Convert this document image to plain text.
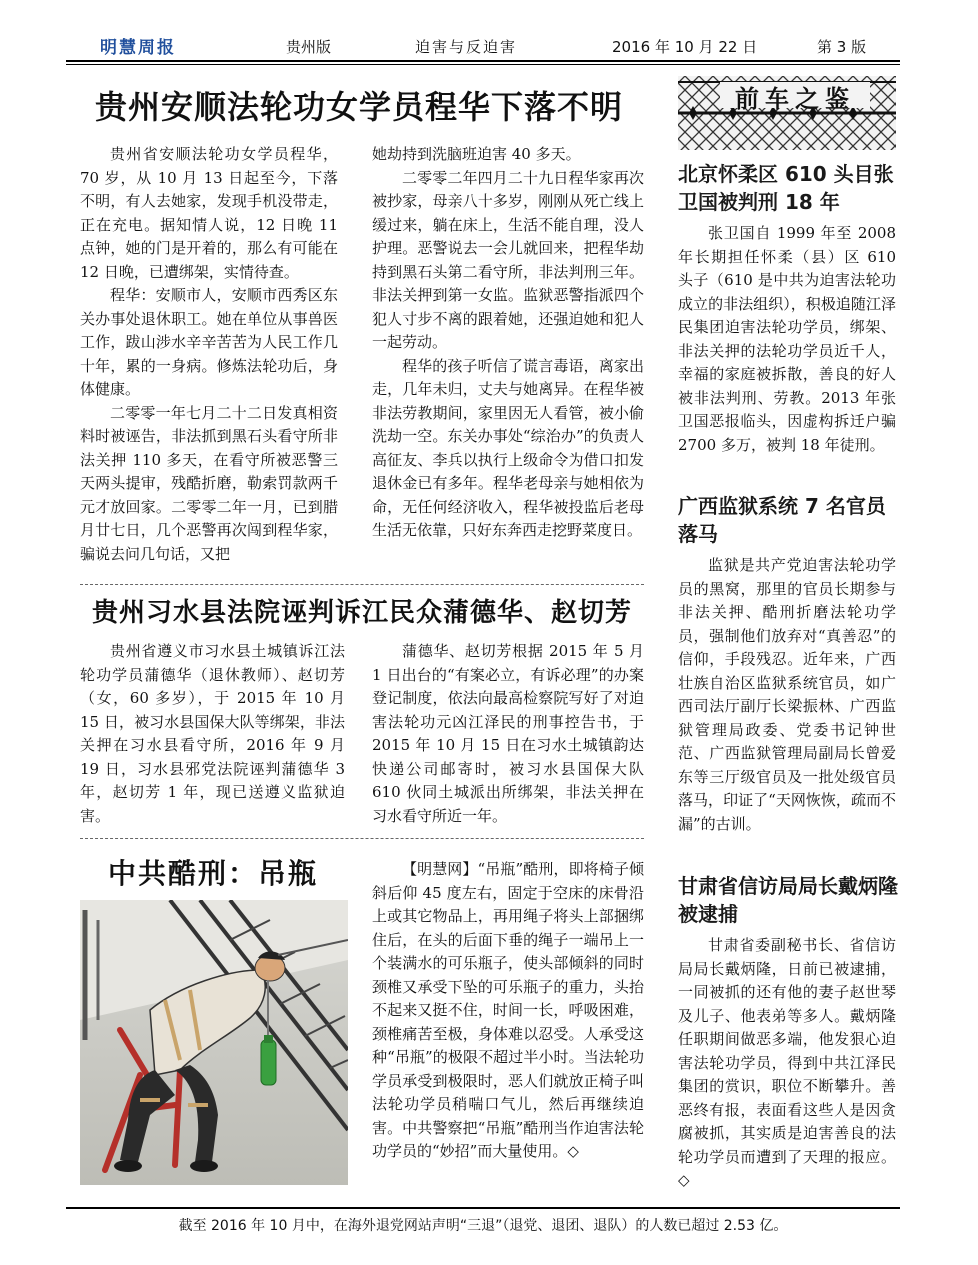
明慧周报	贵州版	迫害与反迫害	2016 年 10 月 22 日	第 3 版
贵州安顺法轮功女学员程华下落不明

贵州省安顺法轮功女学员程华，70 岁，从 10 月 13 日起至今，下落不明，有人去她家，发现手机没带走，正在充电。据知情人说，12 日晚 11 点钟，她的门是开着的，那么有可能在 12 日晚，已遭绑架，实情待查。

程华：安顺市人，安顺市西秀区东关办事处退休职工。她在单位从事兽医工作，跋山涉水辛辛苦苦为人民工作几十年，累的一身病。修炼法轮功后，身体健康。

二零零一年七月二十二日发真相资料时被诬告，非法抓到黑石头看守所非法关押 110 多天，在看守所被恶警三天两头提审，残酷折磨，勒索罚款两千元才放回家。二零零二年一月，已到腊月廿七日，几个恶警再次闯到程华家，骗说去问几句话，又把

她劫持到洗脑班迫害 40 多天。

二零零二年四月二十九日程华家再次被抄家，母亲八十多岁，刚刚从死亡线上缓过来，躺在床上，生活不能自理，没人护理。恶警说去一会儿就回来，把程华劫持到黑石头第二看守所，非法判刑三年。非法关押到第一女监。监狱恶警指派四个犯人寸步不离的跟着她，还强迫她和犯人一起劳动。

程华的孩子听信了谎言毒语，离家出走，几年未归，丈夫与她离异。在程华被非法劳教期间，家里因无人看管，被小偷洗劫一空。东关办事处“综治办”的负责人高征友、李兵以执行上级命令为借口扣发退休金已有多年。程华老母亲与她相依为命，无任何经济收入，程华被投监后老母生活无依靠，只好东奔西走挖野菜度日。

贵州习水县法院诬判诉江民众蒲德华、赵切芳

贵州省遵义市习水县土城镇诉江法轮功学员蒲德华（退休教师）、赵切芳（女，60 多岁），于 2015 年 10 月 15 日，被习水县国保大队等绑架，非法关押在习水县看守所，2016 年 9 月 19 日，习水县邪党法院诬判蒲德华 3 年，赵切芳 1 年，现已送遵义监狱迫害。

蒲德华、赵切芳根据 2015 年 5 月 1 日出台的“有案必立，有诉必理”的办案登记制度，依法向最高检察院写好了对迫害法轮功元凶江泽民的刑事控告书，于 2015 年 10 月 15 日在习水土城镇韵达快递公司邮寄时，被习水县国保大队 610 伙同土城派出所绑架，非法关押在习水看守所近一年。

中共酷刑：吊瓶	【明慧网】“吊瓶”酷刑，即将椅子倾斜后仰 45 度左右，固定于空床的床骨沿上或其它物品上，再用绳子将头上部捆绑住后，在头的后面下垂的绳子一端吊上一个装满水的可乐瓶子，使头部倾斜的同时颈椎又承受下坠的可乐瓶子的重力，头抬不起来又挺不住，时间一长，呼吸困难，颈椎痛苦至极，身体难以忍受。人承受这种“吊瓶”的极限不超过半小时。当法轮功学员承受到极限时，恶人们就放正椅子叫法轮功学员稍喘口气儿，然后再继续迫害。中共警察把“吊瓶”酷刑当作迫害法轮功学员的“妙招”而大量使用。◇

前车之鉴
北京怀柔区 610 头目张卫国被判刑 18 年

张卫国自 1999 年至 2008 年长期担任怀柔（县）区 610 头子（610 是中共为迫害法轮功成立的非法组织），积极追随江泽民集团迫害法轮功学员，绑架、非法关押的法轮功学员近千人，幸福的家庭被拆散，善良的好人被非法判刑、劳教。2013 年张卫国恶报临头，因虚构拆迁户骗 2700 多万，被判 18 年徒刑。

广西监狱系统 7 名官员落马

监狱是共产党迫害法轮功学员的黑窝，那里的官员长期参与非法关押、酷刑折磨法轮功学员，强制他们放弃对“真善忍”的信仰，手段残忍。近年来，广西壮族自治区监狱系统官员，如广西司法厅副厅长梁振林、广西监狱管理局政委、党委书记钟世范、广西监狱管理局副局长曾爱东等三厅级官员及一批处级官员落马，印证了“天网恢恢，疏而不漏”的古训。

甘肃省信访局局长戴炳隆被逮捕

甘肃省委副秘书长、省信访局局长戴炳隆，日前已被逮捕，一同被抓的还有他的妻子赵世琴及儿子、他表弟等多人。戴炳隆任职期间做恶多端，他发狠心迫害法轮功学员，得到中共江泽民集团的赏识，职位不断攀升。善恶终有报，表面看这些人是因贪腐被抓，其实质是迫害善良的法轮功学员而遭到了天理的报应。◇

截至 2016 年 10 月中，在海外退党网站声明“三退”（退党、退团、退队）的人数已超过 2.53 亿。
